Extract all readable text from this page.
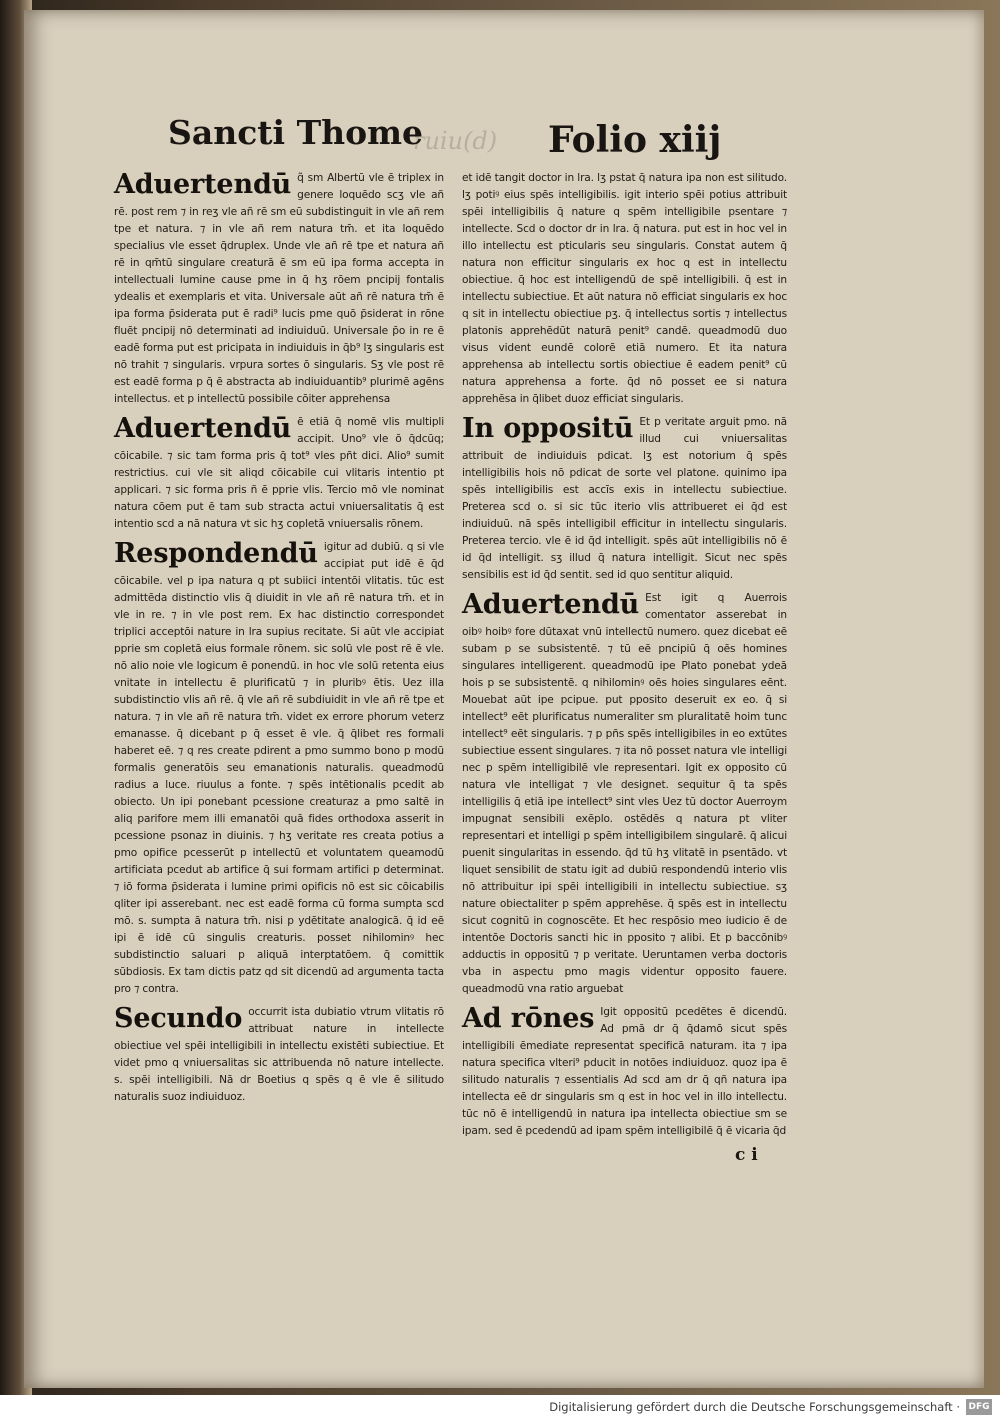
Sancti Thome
ruiu(d)	Folio xiij
Aduertendū q̃ sm Albertū vle ē triplex in genere loquēdo scʒ vle añ rē. post rem ⁊ in reʒ vle añ rē sm eū subdistinguit in vle añ rem tpe et natura. ⁊ in vle añ rem natura tm̄. et ita loquēdo specialius vle esset q̄druplex. Unde vle añ rē tpe et natura añ rē in qm̄tū singulare creaturā ē sm eū ipa forma accepta in intellectuali lumine cause pme in q̄ hʒ rōem pncipij fontalis ydealis et exemplaris et vita. Universale aūt añ rē natura tm̄ ē ipa forma p̄siderata put ē radi⁹ lucis pme quō p̄siderat in rōne fluēt pncipij nō determinati ad indiuiduū. Universale p̄o in re ē eadē forma put est pricipata in indiuiduis in q̄b⁹ lʒ singularis est nō trahit ⁊ singularis. vrpura sortes ō singularis. Sʒ vle post rē est eadē forma p q̄ ē abstracta ab indiuiduantib⁹ plurimē agēns intellectus. et p intellectū possibile cōiter apprehensa

Aduertendū ē etiā q̄ nomē vlis multipli accipit. Uno⁹ vle ō q̄dcūq; cōicabile. ⁊ sic tam forma pris q̄ tot⁹ vles pñt dici. Alio⁹ sumit restrictius. cui vle sit aliqd cōicabile cui vlitaris intentio pt applicari. ⁊ sic forma pris ñ ē pprie vlis. Tercio mō vle nominat natura cōem put ē tam sub stracta actui vniuersalitatis q̄ est intentio scd a nā natura vt sic hʒ copletā vniuersalis rōnem.

Respondendū igitur ad dubiū. q si vle accipiat put idē ē q̄d cōicabile. vel p ipa natura q pt subiici intentōi vlitatis. tūc est admittēda distinctio vlis q̄ diuidit in vle añ rē natura tm̄. et in vle in re. ⁊ in vle post rem. Ex hac distinctio correspondet triplici acceptōi nature in lra supius recitate. Si aūt vle accipiat pprie sm copletā eius formale rōnem. sic solū vle post rē ē vle. nō alio noie vle logicum ē ponendū. in hoc vle solū retenta eius vnitate in intellectu ē plurificatū ⁊ in pluribꝰ ētis. Uez illa subdistinctio vlis añ rē. q̄ vle añ rē subdiuidit in vle añ rē tpe et natura. ⁊ in vle añ rē natura tm̄. videt ex errore phorum veterz emanasse. q̄ dicebant p q̄ esset ē vle. q̄ q̄libet res formali haberet eē. ⁊ q res create pdirent a pmo summo bono p modū formalis generatōis seu emanationis naturalis. queadmodū radius a luce. riuulus a fonte. ⁊ spēs intētionalis pcedit ab obiecto. Un ipi ponebant pcessione creaturaz a pmo saltē in aliq parifore mem illi emanatōi quā fides orthodoxa asserit in pcessione psonaz in diuinis. ⁊ hʒ veritate res creata potius a pmo opifice pcesserūt p intellectū et voluntatem queamodū artificiata pcedut ab artifice q̄ sui formam artifici p determinat. ⁊ iō forma p̄siderata i lumine primi opificis nō est sic cōicabilis qliter ipi asserebant. nec est eadē forma cū forma sumpta scd mō. s. sumpta ā natura tm̄. nisi p ydētitate analogicā. q̄ id eē ipi ē idē cū singulis creaturis. posset nihilominꝰ hec subdistinctio saluari p aliquā interptatōem. q̄ comittik sūbdiosis. Ex tam dictis patz qd sit dicendū ad argumenta tacta pro ⁊ contra.

Secundo occurrit ista dubiatio vtrum vlitatis rō attribuat nature in intellecte obiectiue vel spēi intelligibili in intellectu existēti subiectiue. Et videt pmo q vniuersalitas sic attribuenda nō nature intellecte. s. spēi intelligibili. Nā dr Boetius q spēs q ē vle ē silitudo naturalis suoz indiuiduoz.

et idē tangit doctor in lra. lʒ pstat q̄ natura ipa non est silitudo. lʒ potiꝰ eius spēs intelligibilis. igit interio spēi potius attribuit spēi intelligibilis q̄ nature q spēm intelligibile psentare ⁊ intellecte. Scd o doctor dr in lra. q̄ natura. put est in hoc vel in illo intellectu est pticularis seu singularis. Constat autem q̄ natura non efficitur singularis ex hoc q est in intellectu obiectiue. q̄ hoc est intelligendū de spē intelligibili. q̄ est in intellectu subiectiue. Et aūt natura nō efficiat singularis ex hoc q sit in intellectu obiectiue pʒ. q̄ intellectus sortis ⁊ intellectus platonis apprehēdūt naturā penit⁹ candē. queadmodū duo visus vident eundē colorē etiā numero. Et ita natura apprehensa ab intellectu sortis obiectiue ē eadem penit⁹ cū natura apprehensa a forte. q̄d nō posset ee si natura apprehēsa in q̄libet duoz efficiat singularis.

In oppositū Et p veritate arguit pmo. nā illud cui vniuersalitas attribuit de indiuiduis pdicat. lʒ est notorium q̄ spēs intelligibilis hois nō pdicat de sorte vel platone. quinimo ipa spēs intelligibilis est accīs exis in intellectu subiectiue. Preterea scd o. si sic tūc iterio vlis attribueret ei q̄d est indiuiduū. nā spēs intelligibil efficitur in intellectu singularis. Preterea tercio. vle ē id q̄d intelligit. spēs aūt intelligibilis nō ē id q̄d intelligit. sʒ illud q̄ natura intelligit. Sicut nec spēs sensibilis est id q̄d sentit. sed id quo sentitur aliquid.

Aduertendū Est igit q Auerrois comentator asserebat in oibꝰ hoibꝰ fore dūtaxat vnū intellectū numero. quez dicebat eē subam p se subsistentē. ⁊ tū eē pncipiū q̄ oēs homines singulares intelligerent. queadmodū ipe Plato ponebat ydeā hois p se subsistentē. q nihilominꝰ oēs hoies singulares eēnt. Mouebat aūt ipe pcipue. put pposito deseruit ex eo. q̄ si intellect⁹ eēt plurificatus numeraliter sm pluralitatē hoim tunc intellect⁹ eēt singularis. ⁊ p pñs spēs intelligibiles in eo extūtes subiectiue essent singulares. ⁊ ita nō posset natura vle intelligi nec p spēm intelligibilē vle representari. Igit ex opposito cū natura vle intelligat ⁊ vle designet. sequitur q̄ ta spēs intelligilis q̄ etiā ipe intellect⁹ sint vles Uez tū doctor Auerroym impugnat sensibili exēplo. ostēdēs q natura pt vliter representari et intelligi p spēm intelligibilem singularē. q̄ alicui puenit singularitas in essendo. q̄d tū hʒ vlitatē in psentādo. vt liquet sensibilit de statu igit ad dubiū respondendū interio vlis nō attribuitur ipi spēi intelligibili in intellectu subiectiue. sʒ nature obiectaliter p spēm apprehēse. q̄ spēs est in intellectu sicut cognitū in cognoscēte. Et hec respōsio meo iudicio ē de intentōe Doctoris sancti hic in pposito ⁊ alibi. Et p baccōnibꝰ adductis in oppositū ⁊ p veritate. Ueruntamen verba doctoris vba in aspectu pmo magis videntur opposito fauere. queadmodū vna ratio arguebat

Ad rōnes Igit oppositū pcedētes ē dicendū. Ad pmā dr q̄ q̄damō sicut spēs intelligibili ēmediate representat specificā naturam. ita ⁊ ipa natura specifica vlteri⁹ pducit in notōes indiuiduoz. quoz ipa ē silitudo naturalis ⁊ essentialis Ad scd am dr q̄ qñ natura ipa intellecta eē dr singularis sm q est in hoc vel in illo intellectu. tūc nō ē intelligendū in natura ipa intellecta obiectiue sm se ipam. sed ē pcedendū ad ipam spēm intelligibilē q̄ ē vicaria q̄d

c i
Digitalisierung gefördert durch die Deutsche Forschungsgemeinschaft · DFG
